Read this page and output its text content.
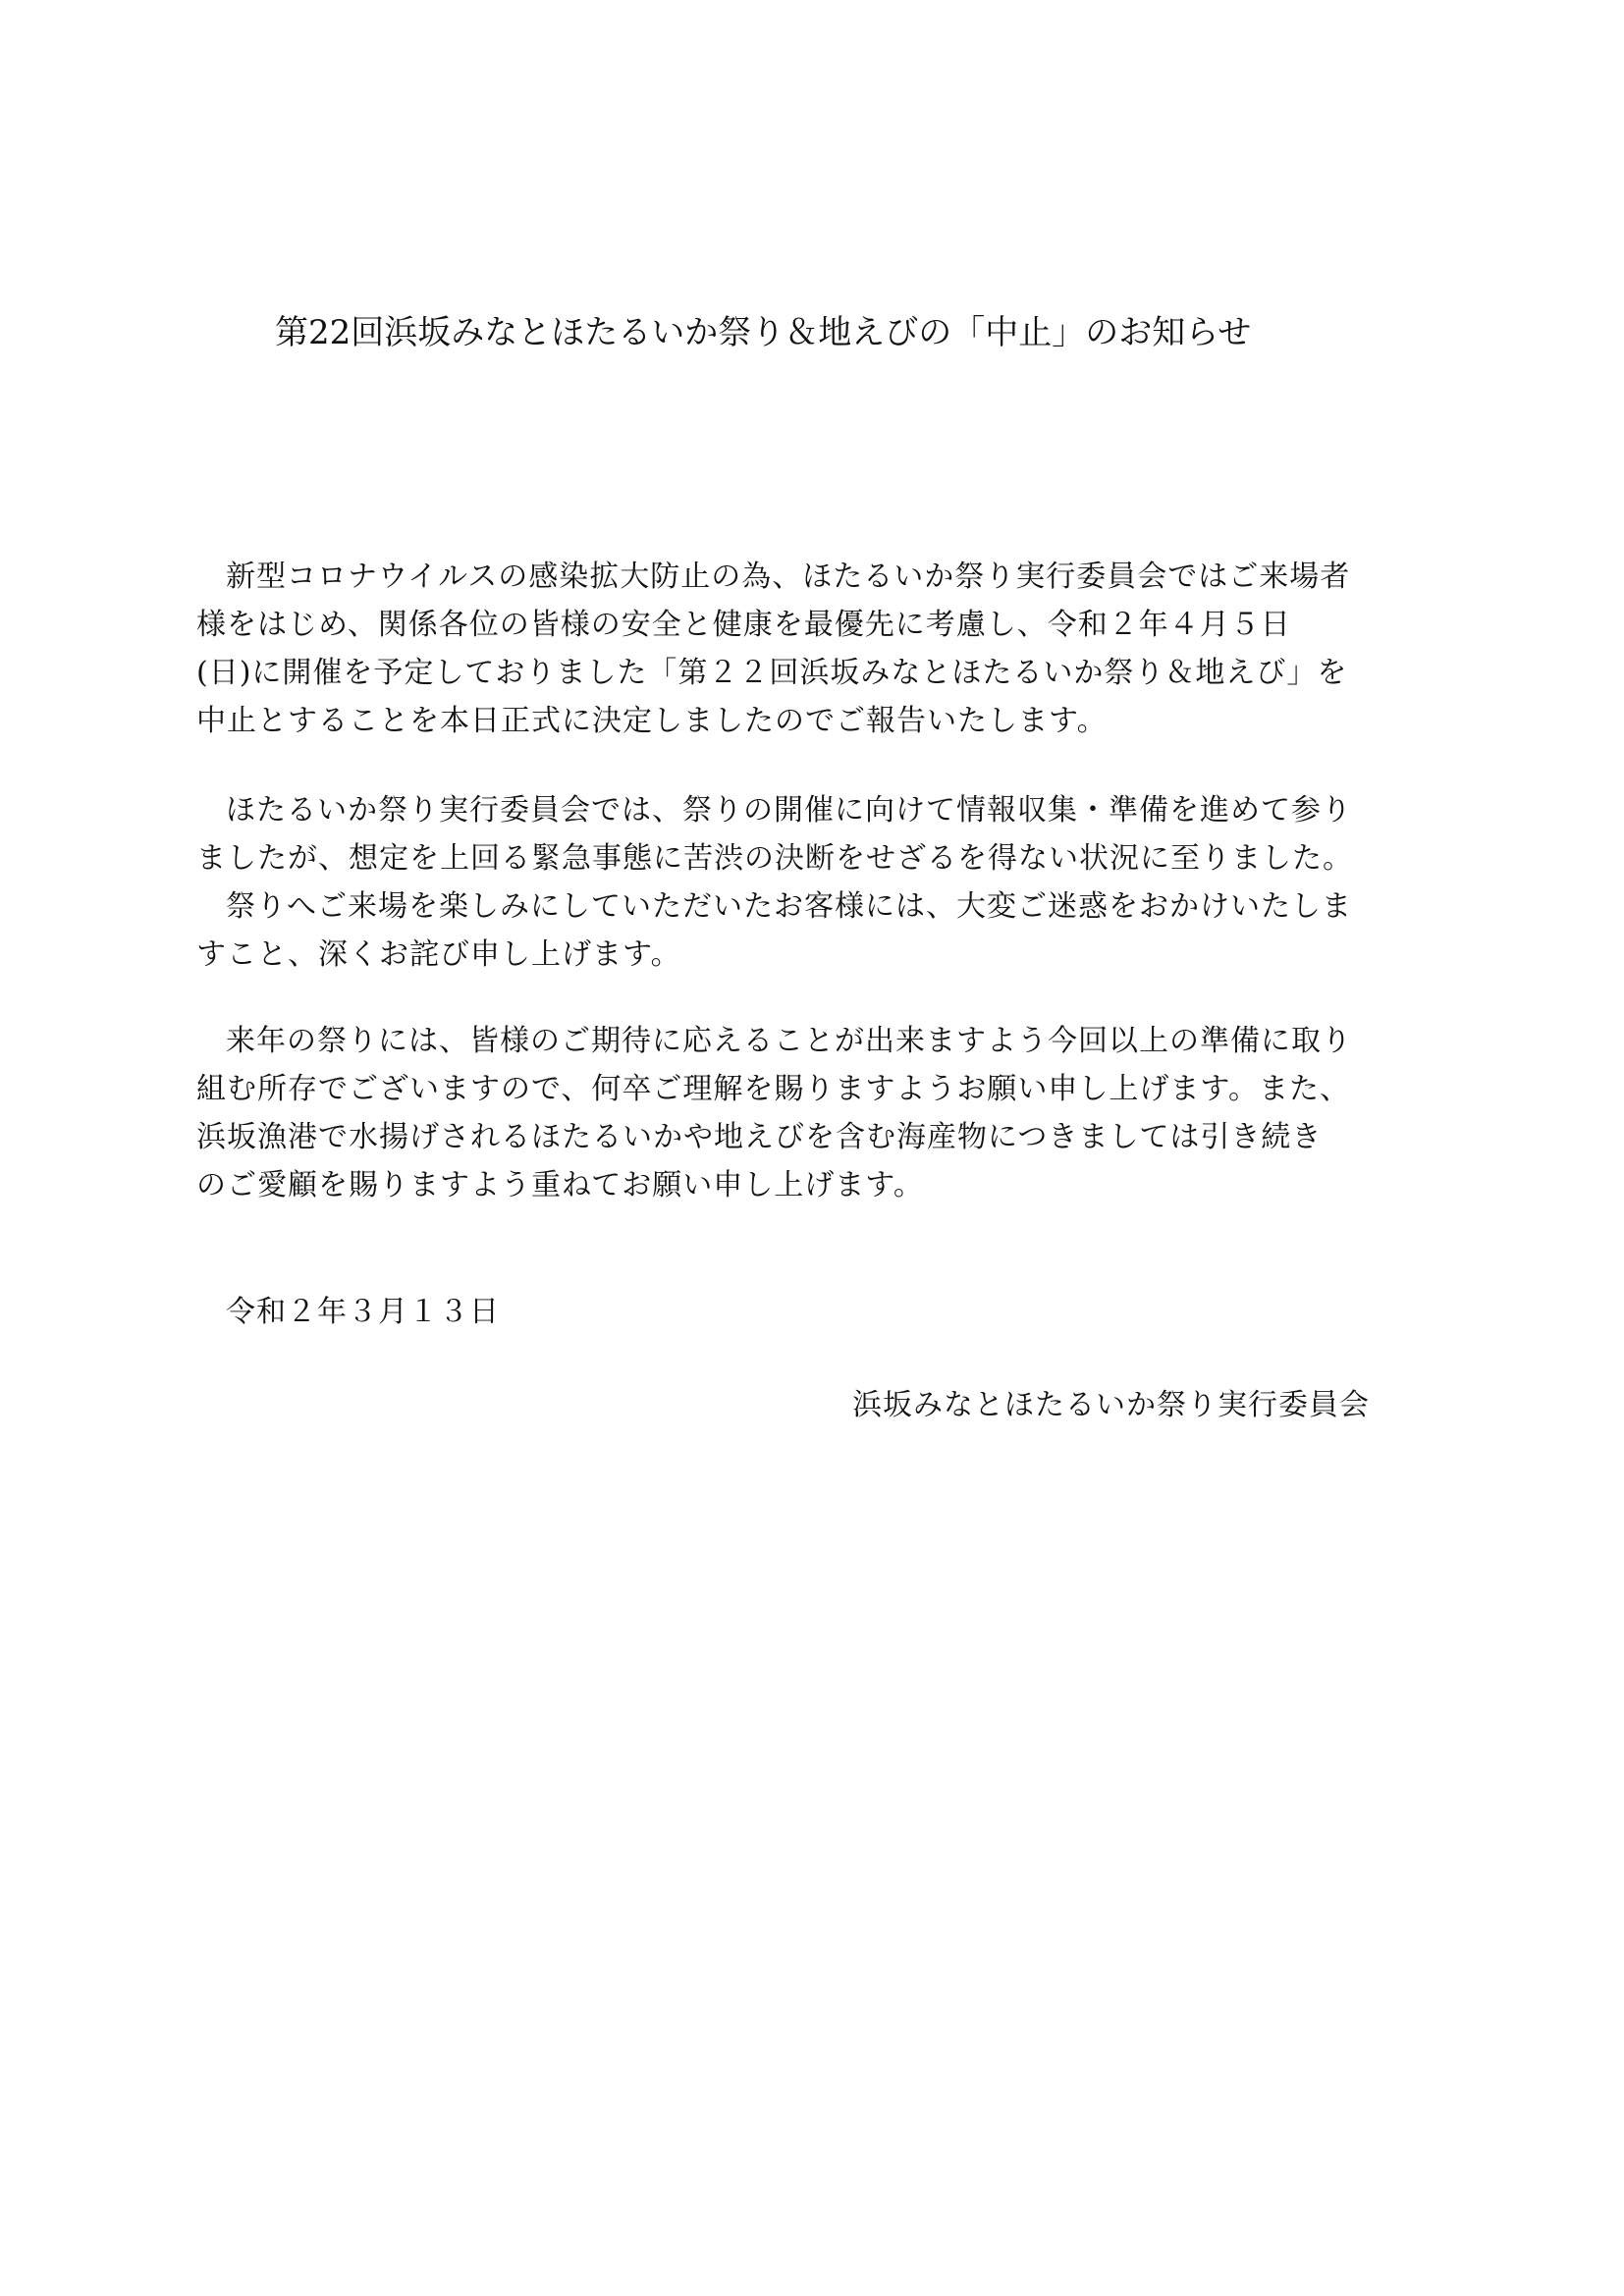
第22回浜坂みなとほたるいか祭り＆地えびの「中止」のお知らせ
新型コロナウイルスの感染拡大防止の為、ほたるいか祭り実行委員会ではご来場者
様をはじめ、関係各位の皆様の安全と健康を最優先に考慮し、令和２年４月５日
(日)に開催を予定しておりました「第２２回浜坂みなとほたるいか祭り＆地えび」を
中止とすることを本日正式に決定しましたのでご報告いたします。
ほたるいか祭り実行委員会では、祭りの開催に向けて情報収集・準備を進めて参り
ましたが、想定を上回る緊急事態に苦渋の決断をせざるを得ない状況に至りました。
祭りへご来場を楽しみにしていただいたお客様には、大変ご迷惑をおかけいたしま
すこと、深くお詫び申し上げます。
来年の祭りには、皆様のご期待に応えることが出来ますよう今回以上の準備に取り
組む所存でございますので、何卒ご理解を賜りますようお願い申し上げます。また、
浜坂漁港で水揚げされるほたるいかや地えびを含む海産物につきましては引き続き
のご愛顧を賜りますよう重ねてお願い申し上げます。
令和２年３月１３日
浜坂みなとほたるいか祭り実行委員会
